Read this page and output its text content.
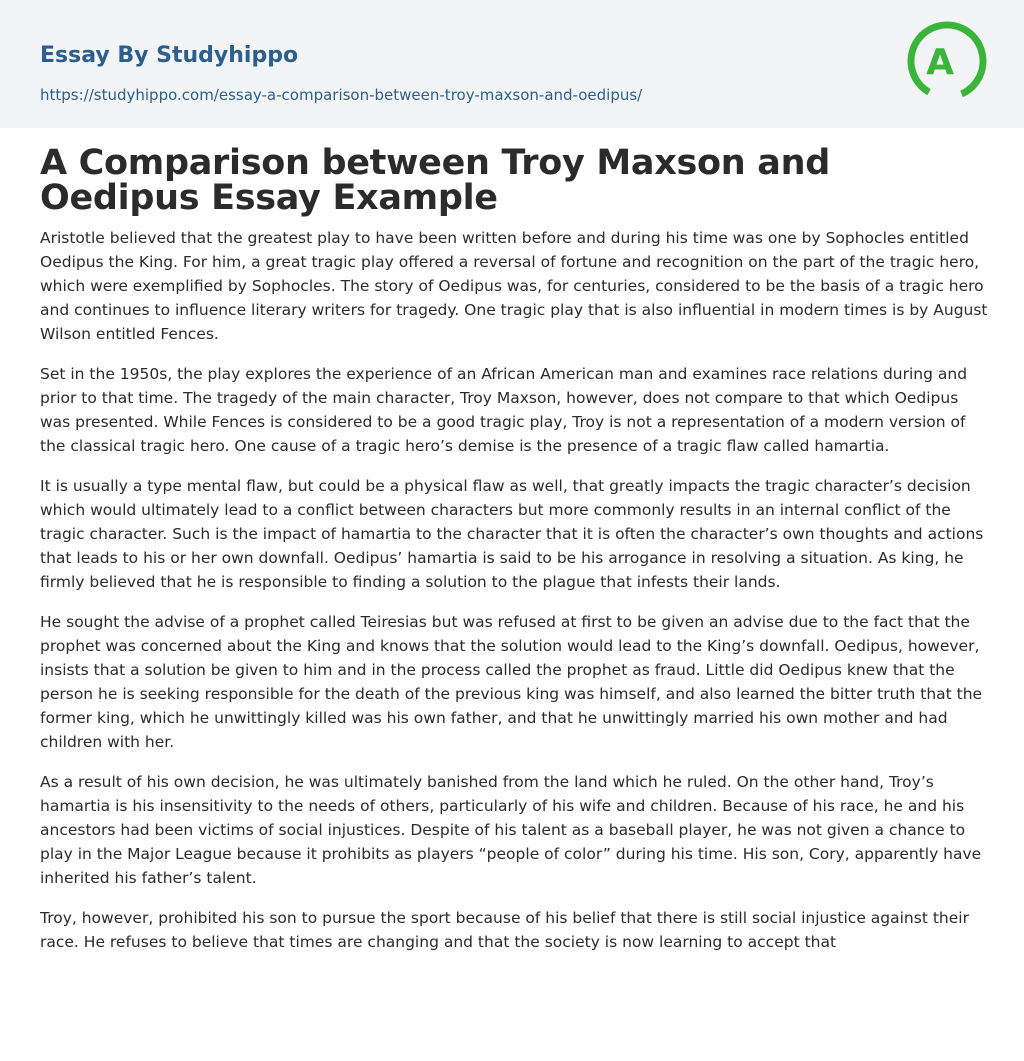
Essay By Studyhippo
https://studyhippo.com/essay-a-comparison-between-troy-maxson-and-oedipus/
A
A Comparison between Troy Maxson and Oedipus Essay Example

Aristotle believed that the greatest play to have been written before and during his time was one by Sophocles entitled Oedipus the King. For him, a great tragic play offered a reversal of fortune and recognition on the part of the tragic hero, which were exemplified by Sophocles. The story of Oedipus was, for centuries, considered to be the basis of a tragic hero and continues to influence literary writers for tragedy. One tragic play that is also influential in modern times is by August Wilson entitled Fences.

Set in the 1950s, the play explores the experience of an African American man and examines race relations during and prior to that time. The tragedy of the main character, Troy Maxson, however, does not compare to that which Oedipus was presented. While Fences is considered to be a good tragic play, Troy is not a representation of a modern version of the classical tragic hero. One cause of a tragic hero’s demise is the presence of a tragic flaw called hamartia.

It is usually a type mental flaw, but could be a physical flaw as well, that greatly impacts the tragic character’s decision which would ultimately lead to a conflict between characters but more commonly results in an internal conflict of the tragic character. Such is the impact of hamartia to the character that it is often the character’s own thoughts and actions that leads to his or her own downfall. Oedipus’ hamartia is said to be his arrogance in resolving a situation. As king, he firmly believed that he is responsible to finding a solution to the plague that infests their lands.

He sought the advise of a prophet called Teiresias but was refused at first to be given an advise due to the fact that the prophet was concerned about the King and knows that the solution would lead to the King’s downfall. Oedipus, however, insists that a solution be given to him and in the process called the prophet as fraud. Little did Oedipus knew that the person he is seeking responsible for the death of the previous king was himself, and also learned the bitter truth that the former king, which he unwittingly killed was his own father, and that he unwittingly married his own mother and had children with her.

As a result of his own decision, he was ultimately banished from the land which he ruled. On the other hand, Troy’s hamartia is his insensitivity to the needs of others, particularly of his wife and children. Because of his race, he and his ancestors had been victims of social injustices. Despite of his talent as a baseball player, he was not given a chance to play in the Major League because it prohibits as players “people of color” during his time. His son, Cory, apparently have inherited his father’s talent.

Troy, however, prohibited his son to pursue the sport because of his belief that there is still social injustice against their race. He refuses to believe that times are changing and that the society is now learning to accept that
